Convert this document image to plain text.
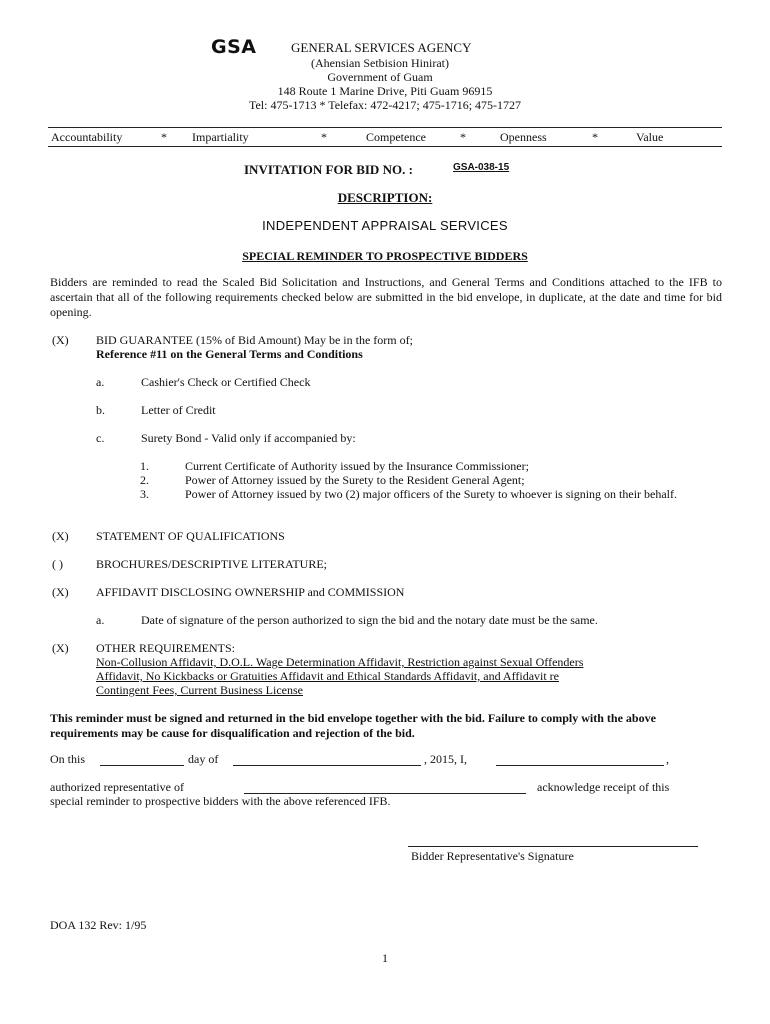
GSA	GENERAL SERVICES AGENCY
(Ahensian Setbision Hinirat)
Government of Guam
148 Route 1 Marine Drive, Piti Guam 96915
Tel: 475-1713 * Telefax: 472-4217; 475-1716; 475-1727
Accountability	* Impartiality	*	Competence	*	Openness	*	Value
INVITATION FOR BID NO. :	GSA-038-15
DESCRIPTION:
INDEPENDENT APPRAISAL SERVICES
SPECIAL REMINDER TO PROSPECTIVE BIDDERS
Bidders are reminded to read the Scaled Bid Solicitation and Instructions, and General Terms and Conditions attached to the IFB to ascertain that all of the following requirements checked below are submitted in the bid envelope, in duplicate, at the date and time for bid opening.
(X) BID GUARANTEE (15% of Bid Amount) May be in the form of;
Reference #11 on the General Terms and Conditions
a.	Cashier's Check or Certified Check
b.	Letter of Credit
c.	Surety Bond - Valid only if accompanied by:
1.	Current Certificate of Authority issued by the Insurance Commissioner;
2.	Power of Attorney issued by the Surety to the Resident General Agent;
3.	Power of Attorney issued by two (2) major officers of the Surety to whoever is signing on their behalf.
(X) STATEMENT OF QUALIFICATIONS
( )	BROCHURES/DESCRIPTIVE LITERATURE;
(X) AFFIDAVIT DISCLOSING OWNERSHIP and COMMISSION
a.	Date of signature of the person authorized to sign the bid and the notary date must be the same.
(X) OTHER REQUIREMENTS:
Non-Collusion Affidavit, D.O.L. Wage Determination Affidavit, Restriction against Sexual Offenders
Affidavit, No Kickbacks or Gratuities Affidavit and Ethical Standards Affidavit, and Affidavit re
Contingent Fees, Current Business License
This reminder must be signed and returned in the bid envelope together with the bid. Failure to comply with the above requirements may be cause for disqualification and rejection of the bid.
On this	day of	, 2015, I,	,
authorized representative of	acknowledge receipt of this
special reminder to prospective bidders with the above referenced IFB.
Bidder Representative's Signature
DOA 132 Rev: 1/95
1
